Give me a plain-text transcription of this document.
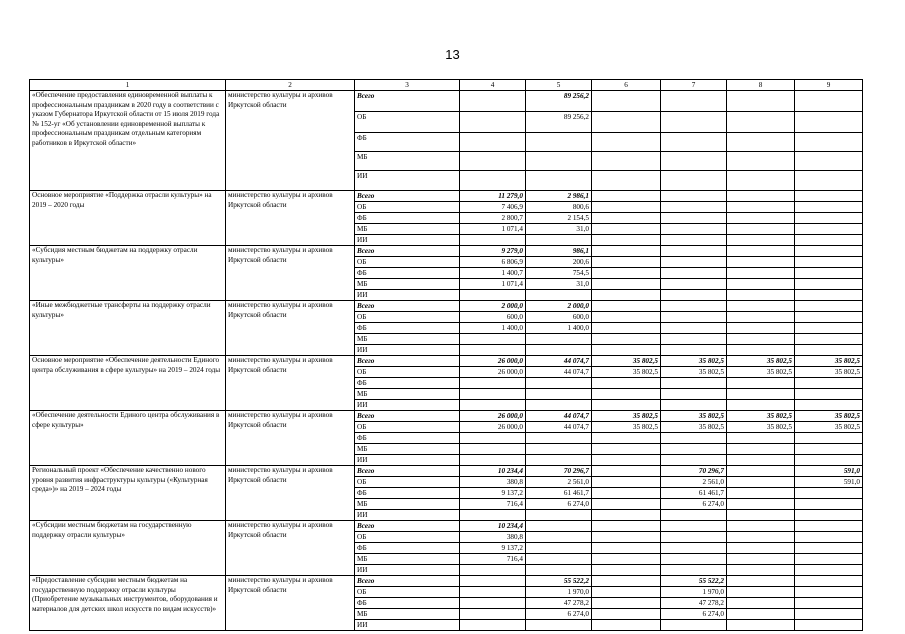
13
1	2	3	4	5	6	7	8	9
«Обеспечение предоставления единовременной выплаты к профессиональным праздникам в 2020 году в соответствии с указом Губернатора Иркутской области от 15 июля 2019 года № 152-уг «Об установлении единовременной выплаты к профессиональным праздникам отдельным категориям работников в Иркутской области»	министерство культуры и архивов Иркутской области	Всего		89 256,2				
		ОБ		89 256,2				
		ФБ						
		МБ						
		ИИ						
Основное мероприятие «Поддержка отрасли культуры» на 2019 – 2020 годы	министерство культуры и архивов Иркутской области	Всего	11 279,0	2 986,1				
		ОБ	7 406,9	800,6				
		ФБ	2 800,7	2 154,5				
		МБ	1 071,4	31,0				
		ИИ						
«Субсидия местным бюджетам на поддержку отрасли культуры»	министерство культуры и архивов Иркутской области	Всего	9 279,0	986,1				
		ОБ	6 806,9	200,6				
		ФБ	1 400,7	754,5				
		МБ	1 071,4	31,0				
		ИИ						
«Иные межбюджетные трансферты на поддержку отрасли культуры»	министерство культуры и архивов Иркутской области	Всего	2 000,0	2 000,0				
		ОБ	600,0	600,0				
		ФБ	1 400,0	1 400,0				
		МБ						
		ИИ						
Основное мероприятие «Обеспечение деятельности Единого центра обслуживания в сфере культуры» на 2019 – 2024 годы	министерство культуры и архивов Иркутской области	Всего	26 000,0	44 074,7	35 802,5	35 802,5	35 802,5	35 802,5
		ОБ	26 000,0	44 074,7	35 802,5	35 802,5	35 802,5	35 802,5
		ФБ						
		МБ						
		ИИ						
«Обеспечение деятельности Единого центра обслуживания в сфере культуры»	министерство культуры и архивов Иркутской области	Всего	26 000,0	44 074,7	35 802,5	35 802,5	35 802,5	35 802,5
		ОБ	26 000,0	44 074,7	35 802,5	35 802,5	35 802,5	35 802,5
		ФБ						
		МБ						
		ИИ						
Региональный проект «Обеспечение качественно нового уровня развития инфраструктуры культуры («Культурная среда»)» на 2019 – 2024 годы	министерство культуры и архивов Иркутской области	Всего	10 234,4	70 296,7		70 296,7		591,0
		ОБ	380,8	2 561,0		2 561,0		591,0
		ФБ	9 137,2	61 461,7		61 461,7		
		МБ	716,4	6 274,0		6 274,0		
		ИИ						
«Субсидии местным бюджетам на государственную поддержку отрасли культуры»	министерство культуры и архивов Иркутской области	Всего	10 234,4					
		ОБ	380,8					
		ФБ	9 137,2					
		МБ	716,4					
		ИИ						
«Предоставление субсидии местным бюджетам на государственную поддержку отрасли культуры (Приобретение музыкальных инструментов, оборудования и материалов для детских школ искусств по видам искусств)»	министерство культуры и архивов Иркутской области	Всего		55 522,2		55 522,2		
		ОБ		1 970,0		1 970,0		
		ФБ		47 278,2		47 278,2		
		МБ		6 274,0		6 274,0		
		ИИ						
